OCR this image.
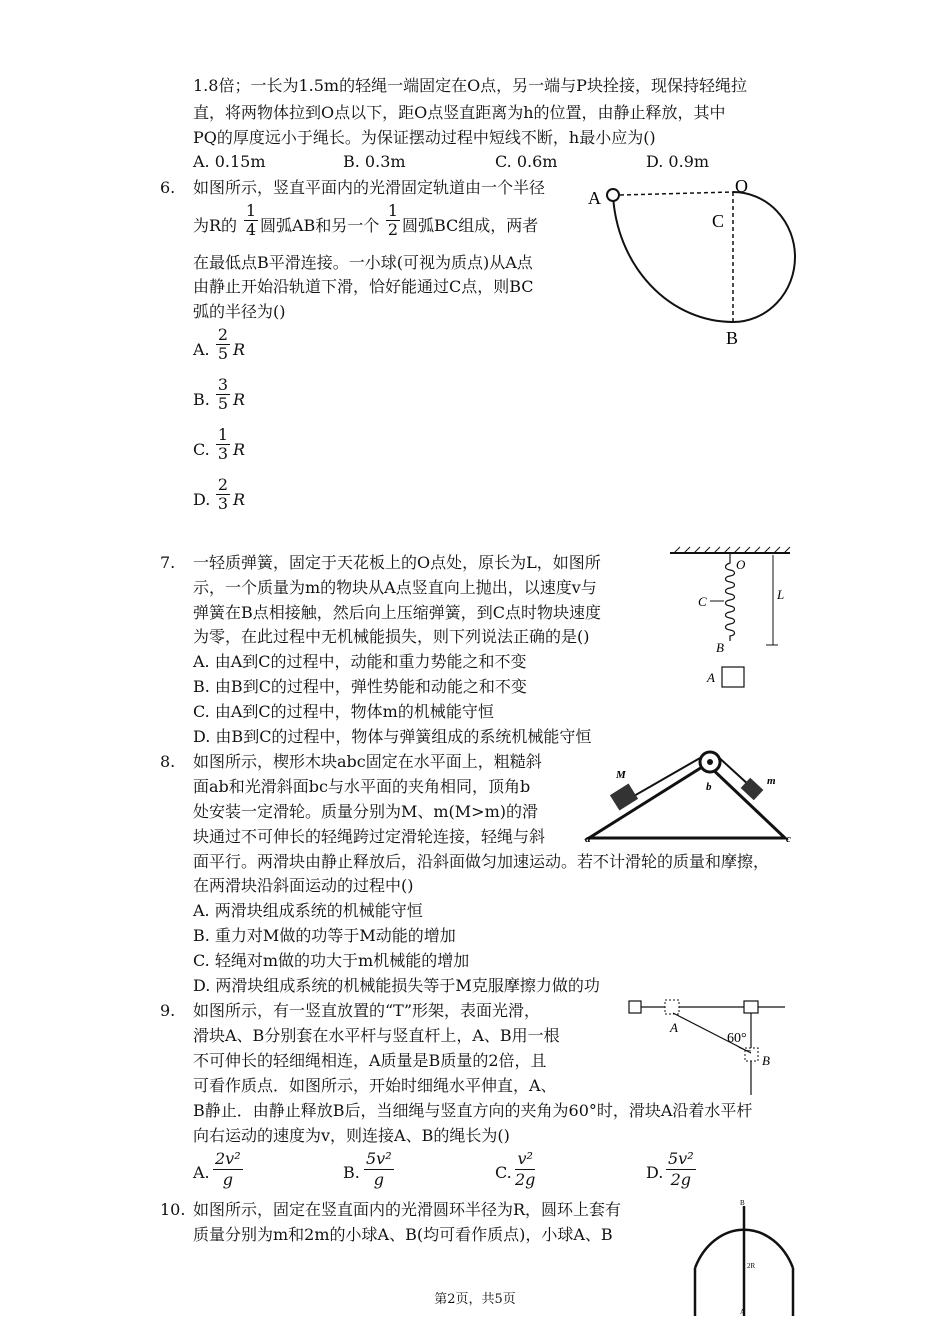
1.8倍；一长为1.5m的轻绳一端固定在O点，另一端与P块拴接，现保持轻绳拉
直，将两物体拉到O点以下，距O点竖直距离为h的位置，由静止释放，其中
PQ的厚度远小于绳长。为保证摆动过程中短线不断，h最小应为()
A. 0.15m	B. 0.3m	C. 0.6m	D. 0.9m
6. 如图所示，竖直平面内的光滑固定轨道由一个半径
为R的 $\frac{1}{4}$ 圆弧AB和另一个 $\frac{1}{2}$ 圆弧BC组成，两者
在最低点B平滑连接。一小球(可视为质点)从A点
由静止开始沿轨道下滑，恰好能通过C点，则BC
弧的半径为()
A. $\frac{2}{5}$ R
B. $\frac{3}{5}$ R
C. $\frac{1}{3}$ R
D. $\frac{2}{3}$ R
A
O
C
B
7. 一轻质弹簧，固定于天花板上的O点处，原长为L，如图所
示，一个质量为m的物块从A点竖直向上抛出，以速度v与
弹簧在B点相接触，然后向上压缩弹簧，到C点时物块速度
为零，在此过程中无机械能损失，则下列说法正确的是()
A. 由A到C的过程中，动能和重力势能之和不变
B. 由B到C的过程中，弹性势能和动能之和不变
C. 由A到C的过程中，物体m的机械能守恒
D. 由B到C的过程中，物体与弹簧组成的系统机械能守恒
O
C	L
B
A
8. 如图所示，楔形木块abc固定在水平面上，粗糙斜
面ab和光滑斜面bc与水平面的夹角相同，顶角b
处安装一定滑轮。质量分别为M、m(M>m)的滑
块通过不可伸长的轻绳跨过定滑轮连接，轻绳与斜
面平行。两滑块由静止释放后，沿斜面做匀加速运动。若不计滑轮的质量和摩擦，
在两滑块沿斜面运动的过程中()
A. 两滑块组成系统的机械能守恒
B. 重力对M做的功等于M动能的增加
C. 轻绳对m做的功大于m机械能的增加
D. 两滑块组成系统的机械能损失等于M克服摩擦力做的功
M
b	m
a	c
9. 如图所示，有一竖直放置的“T”形架，表面光滑，
滑块A、B分别套在水平杆与竖直杆上，A、B用一根
不可伸长的轻细绳相连，A质量是B质量的2倍，且
可看作质点．如图所示，开始时细绳水平伸直，A、
B静止．由静止释放B后，当细绳与竖直方向的夹角为60°时，滑块A沿着水平杆
向右运动的速度为v，则连接A、B的绳长为()
A. $\frac{\text{2v²}}{g}$	B. $\frac{\text{5v²}}{g}$	C. $\frac{\text{v²}}{2g}$	D. $\frac{\text{5v²}}{2g}$
A
60°
B
10. 如图所示，固定在竖直面内的光滑圆环半径为R，圆环上套有
质量分别为m和2m的小球A、B(均可看作质点)，小球A、B
B
2R
A
第2页，共5页
